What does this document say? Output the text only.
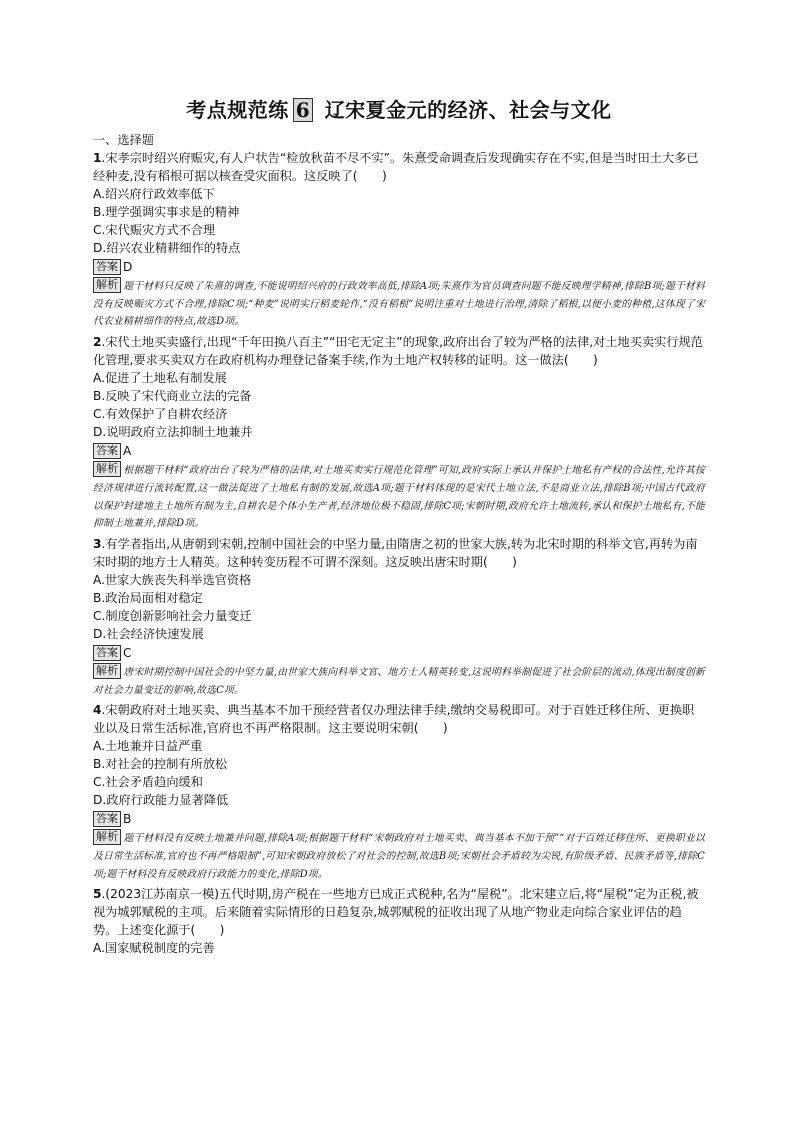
考点规范练 6 辽宋夏金元的经济、社会与文化

一、选择题

1.宋孝宗时绍兴府赈灾,有人户状告“检放秋苗不尽不实”。朱熹受命调查后发现确实存在不实,但是当时田土大多已经种麦,没有稻根可据以核查受灾面积。这反映了(　　)

A.绍兴府行政效率低下

B.理学强调实事求是的精神

C.宋代赈灾方式不合理

D.绍兴农业精耕细作的特点

答案 D

解析 题干材料只反映了朱熹的调查,不能说明绍兴府的行政效率高低,排除A项;朱熹作为官员调查问题不能反映理学精神,排除B项;题干材料没有反映赈灾方式不合理,排除C项;“种麦”说明实行稻麦轮作,“没有稻根”说明注重对土地进行治理,清除了稻根,以便小麦的种植,这体现了宋代农业精耕细作的特点,故选D项。

2.宋代土地买卖盛行,出现“千年田换八百主”“田宅无定主”的现象,政府出台了较为严格的法律,对土地买卖实行规范化管理,要求买卖双方在政府机构办理登记备案手续,作为土地产权转移的证明。这一做法(　　)

A.促进了土地私有制发展

B.反映了宋代商业立法的完备

C.有效保护了自耕农经济

D.说明政府立法抑制土地兼并

答案 A

解析 根据题干材料“政府出台了较为严格的法律,对土地买卖实行规范化管理”可知,政府实际上承认并保护土地私有产权的合法性,允许其按经济规律进行流转配置,这一做法促进了土地私有制的发展,故选A项;题干材料体现的是宋代土地立法,不是商业立法,排除B项;中国古代政府以保护封建地主土地所有制为主,自耕农是个体小生产者,经济地位极不稳固,排除C项;宋朝时期,政府允许土地流转,承认和保护土地私有,不能抑制土地兼并,排除D项。

3.有学者指出,从唐朝到宋朝,控制中国社会的中坚力量,由隋唐之初的世家大族,转为北宋时期的科举文官,再转为南宋时期的地方士人精英。这种转变历程不可谓不深刻。这反映出唐宋时期(　　)

A.世家大族丧失科举选官资格

B.政治局面相对稳定

C.制度创新影响社会力量变迁

D.社会经济快速发展

答案 C

解析 唐宋时期控制中国社会的中坚力量,由世家大族向科举文官、地方士人精英转变,这说明科举制促进了社会阶层的流动,体现出制度创新对社会力量变迁的影响,故选C项。

4.宋朝政府对土地买卖、典当基本不加干预经营者仅办理法律手续,缴纳交易税即可。对于百姓迁移住所、更换职业以及日常生活标准,官府也不再严格限制。这主要说明宋朝(　　)

A.土地兼并日益严重

B.对社会的控制有所放松

C.社会矛盾趋向缓和

D.政府行政能力显著降低

答案 B

解析 题干材料没有反映土地兼并问题,排除A项;根据题干材料“宋朝政府对土地买卖、典当基本不加干预”“对于百姓迁移住所、更换职业以及日常生活标准,官府也不再严格限制”,可知宋朝政府放松了对社会的控制,故选B项;宋朝社会矛盾较为尖锐,有阶级矛盾、民族矛盾等,排除C项;题干材料没有反映政府行政能力的变化,排除D项。

5.(2023江苏南京一模)五代时期,房产税在一些地方已成正式税种,名为“屋税”。北宋建立后,将“屋税”定为正税,被视为城郭赋税的主项。后来随着实际情形的日趋复杂,城郭赋税的征收出现了从地产物业走向综合家业评估的趋势。上述变化源于(　　)

A.国家赋税制度的完善
